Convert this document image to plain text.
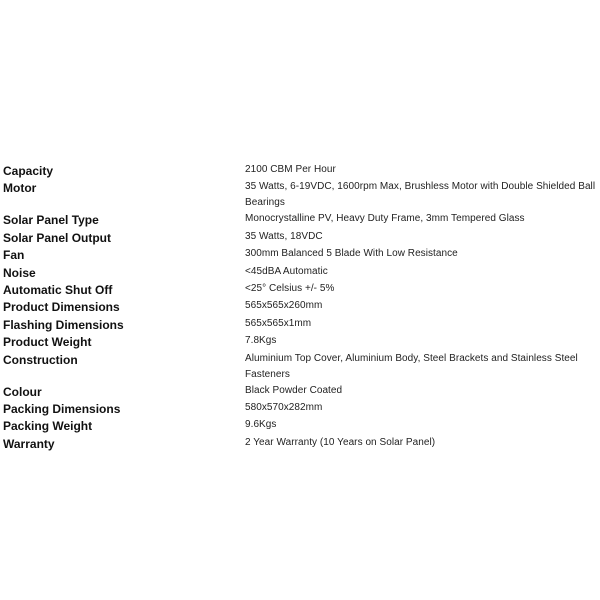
Capacity	2100 CBM Per Hour
Motor	35 Watts, 6-19VDC, 1600rpm Max, Brushless Motor with Double Shielded Ball Bearings
Solar Panel Type	Monocrystalline PV, Heavy Duty Frame, 3mm Tempered Glass
Solar Panel Output	35 Watts, 18VDC
Fan	300mm Balanced 5 Blade With Low Resistance
Noise	<45dBA Automatic
Automatic Shut Off	<25° Celsius +/- 5%
Product Dimensions	565x565x260mm
Flashing Dimensions	565x565x1mm
Product Weight	7.8Kgs
Construction	Aluminium Top Cover, Aluminium Body, Steel Brackets and Stainless Steel Fasteners
Colour	Black Powder Coated
Packing Dimensions	580x570x282mm
Packing Weight	9.6Kgs
Warranty	2 Year Warranty (10 Years on Solar Panel)
